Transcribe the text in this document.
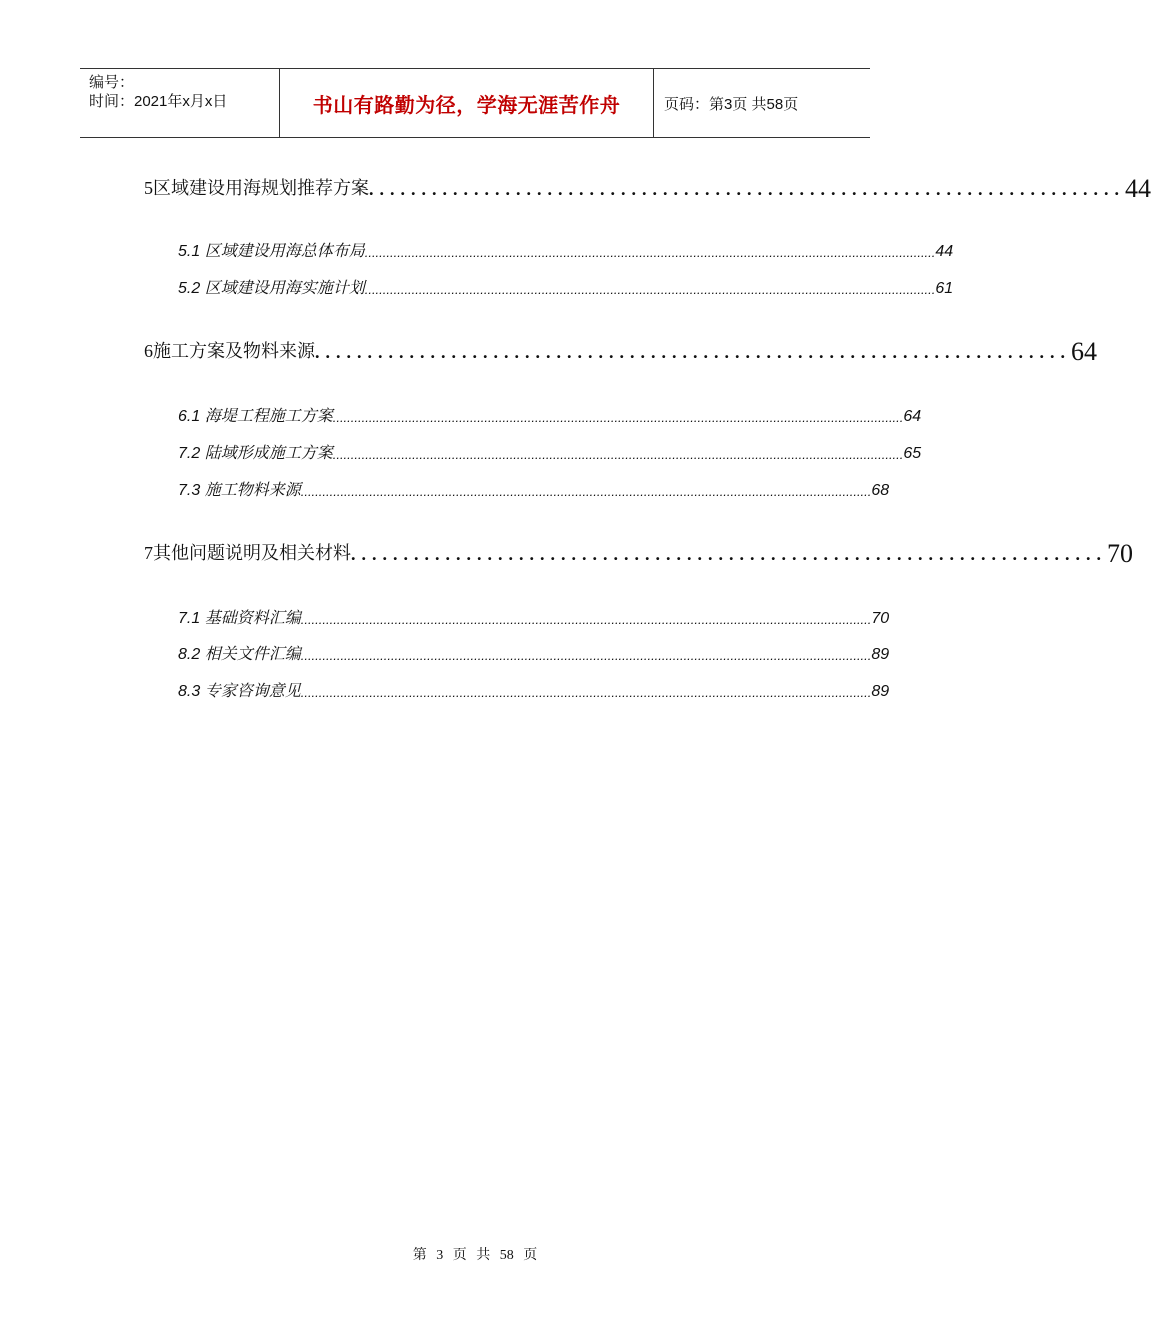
编号：
时间：2021年x月x日	书山有路勤为径，学海无涯苦作舟	页码：第3页 共58页
5区域建设用海规划推荐方案 ........................................................................ 44
5.1 区域建设用海总体布局 .............................................................................................................................................................. 44
5.2 区域建设用海实施计划 .............................................................................................................................................................. 61
6施工方案及物料来源 ........................................................................ 64
6.1 海堤工程施工方案 .............................................................................................................................................................. 64
7.2 陆域形成施工方案 .............................................................................................................................................................. 65
7.3 施工物料来源 .............................................................................................................................................................. 68
7其他问题说明及相关材料 ........................................................................ 70
7.1 基础资料汇编 .............................................................................................................................................................. 70
8.2 相关文件汇编 .............................................................................................................................................................. 89
8.3 专家咨询意见 .............................................................................................................................................................. 89
第 3 页 共 58 页
